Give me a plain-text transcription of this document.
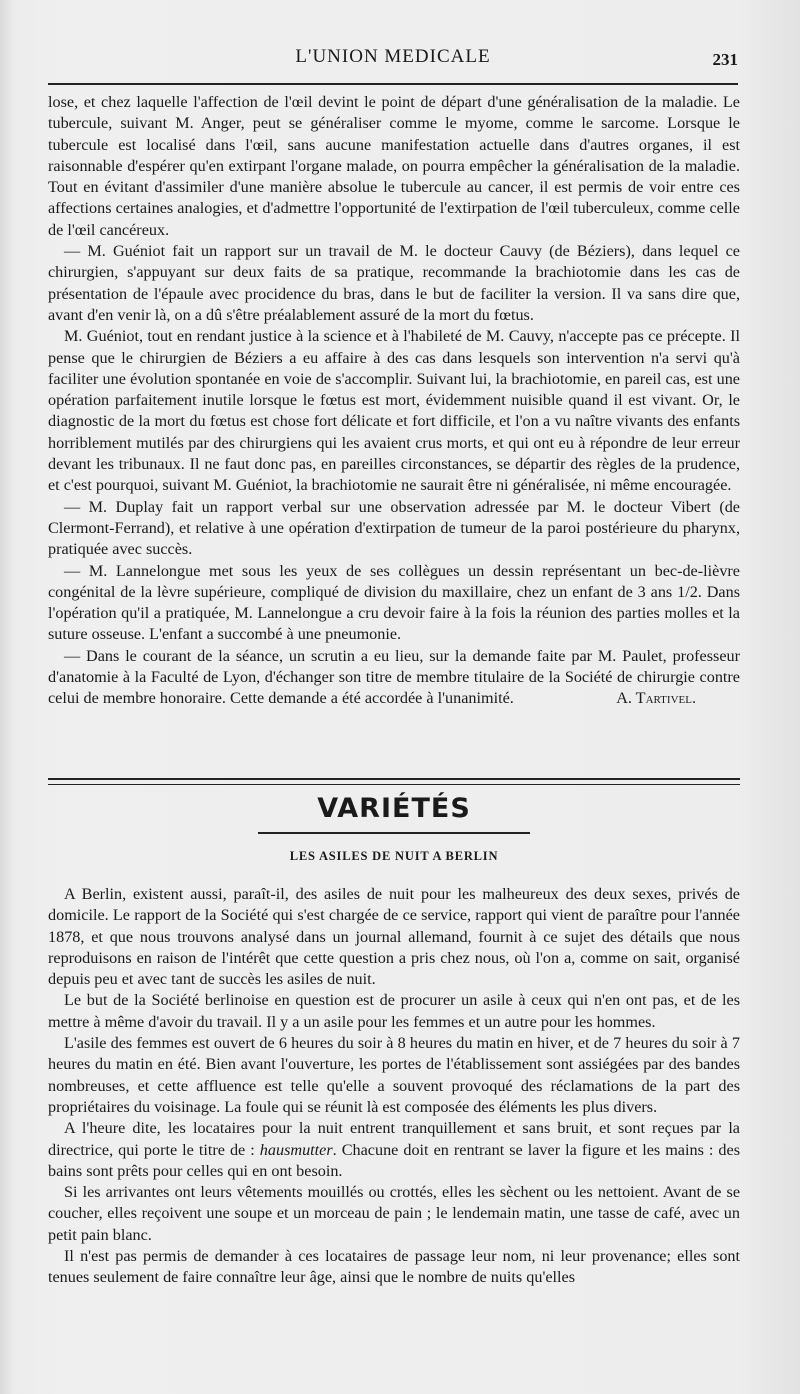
L'UNION MEDICALE	231

lose, et chez laquelle l'affection de l'œil devint le point de départ d'une généralisation de la maladie. Le tubercule, suivant M. Anger, peut se généraliser comme le myome, comme le sarcome. Lorsque le tubercule est localisé dans l'œil, sans aucune manifestation actuelle dans d'autres organes, il est raisonnable d'espérer qu'en extirpant l'organe malade, on pourra empêcher la généralisation de la maladie. Tout en évitant d'assimiler d'une manière absolue le tubercule au cancer, il est permis de voir entre ces affections certaines analogies, et d'admettre l'opportunité de l'extirpation de l'œil tuberculeux, comme celle de l'œil cancéreux.

— M. Guéniot fait un rapport sur un travail de M. le docteur Cauvy (de Béziers), dans lequel ce chirurgien, s'appuyant sur deux faits de sa pratique, recommande la brachiotomie dans les cas de présentation de l'épaule avec procidence du bras, dans le but de faciliter la version. Il va sans dire que, avant d'en venir là, on a dû s'être préalablement assuré de la mort du fœtus.

M. Guéniot, tout en rendant justice à la science et à l'habileté de M. Cauvy, n'accepte pas ce précepte. Il pense que le chirurgien de Béziers a eu affaire à des cas dans lesquels son intervention n'a servi qu'à faciliter une évolution spontanée en voie de s'accomplir. Suivant lui, la brachiotomie, en pareil cas, est une opération parfaitement inutile lorsque le fœtus est mort, évidemment nuisible quand il est vivant. Or, le diagnostic de la mort du fœtus est chose fort délicate et fort difficile, et l'on a vu naître vivants des enfants horriblement mutilés par des chirurgiens qui les avaient crus morts, et qui ont eu à répondre de leur erreur devant les tribunaux. Il ne faut donc pas, en pareilles circonstances, se départir des règles de la prudence, et c'est pourquoi, suivant M. Guéniot, la brachiotomie ne saurait être ni généralisée, ni même encouragée.

— M. Duplay fait un rapport verbal sur une observation adressée par M. le docteur Vibert (de Clermont-Ferrand), et relative à une opération d'extirpation de tumeur de la paroi postérieure du pharynx, pratiquée avec succès.

— M. Lannelongue met sous les yeux de ses collègues un dessin représentant un bec-de-lièvre congénital de la lèvre supérieure, compliqué de division du maxillaire, chez un enfant de 3 ans 1/2. Dans l'opération qu'il a pratiquée, M. Lannelongue a cru devoir faire à la fois la réunion des parties molles et la suture osseuse. L'enfant a succombé à une pneumonie.

— Dans le courant de la séance, un scrutin a eu lieu, sur la demande faite par M. Paulet, professeur d'anatomie à la Faculté de Lyon, d'échanger son titre de membre titulaire de la Société de chirurgie contre celui de membre honoraire. Cette demande a été accordée à l'unanimité.	A. Tartivel.

VARIÉTÉS
LES ASILES DE NUIT A BERLIN

A Berlin, existent aussi, paraît-il, des asiles de nuit pour les malheureux des deux sexes, privés de domicile. Le rapport de la Société qui s'est chargée de ce service, rapport qui vient de paraître pour l'année 1878, et que nous trouvons analysé dans un journal allemand, fournit à ce sujet des détails que nous reproduisons en raison de l'intérêt que cette question a pris chez nous, où l'on a, comme on sait, organisé depuis peu et avec tant de succès les asiles de nuit.

Le but de la Société berlinoise en question est de procurer un asile à ceux qui n'en ont pas, et de les mettre à même d'avoir du travail. Il y a un asile pour les femmes et un autre pour les hommes.

L'asile des femmes est ouvert de 6 heures du soir à 8 heures du matin en hiver, et de 7 heures du soir à 7 heures du matin en été. Bien avant l'ouverture, les portes de l'établissement sont assiégées par des bandes nombreuses, et cette affluence est telle qu'elle a souvent provoqué des réclamations de la part des propriétaires du voisinage. La foule qui se réunit là est composée des éléments les plus divers.

A l'heure dite, les locataires pour la nuit entrent tranquillement et sans bruit, et sont reçues par la directrice, qui porte le titre de : hausmutter. Chacune doit en rentrant se laver la figure et les mains : des bains sont prêts pour celles qui en ont besoin.

Si les arrivantes ont leurs vêtements mouillés ou crottés, elles les sèchent ou les nettoient. Avant de se coucher, elles reçoivent une soupe et un morceau de pain ; le lendemain matin, une tasse de café, avec un petit pain blanc.

Il n'est pas permis de demander à ces locataires de passage leur nom, ni leur provenance; elles sont tenues seulement de faire connaître leur âge, ainsi que le nombre de nuits qu'elles
